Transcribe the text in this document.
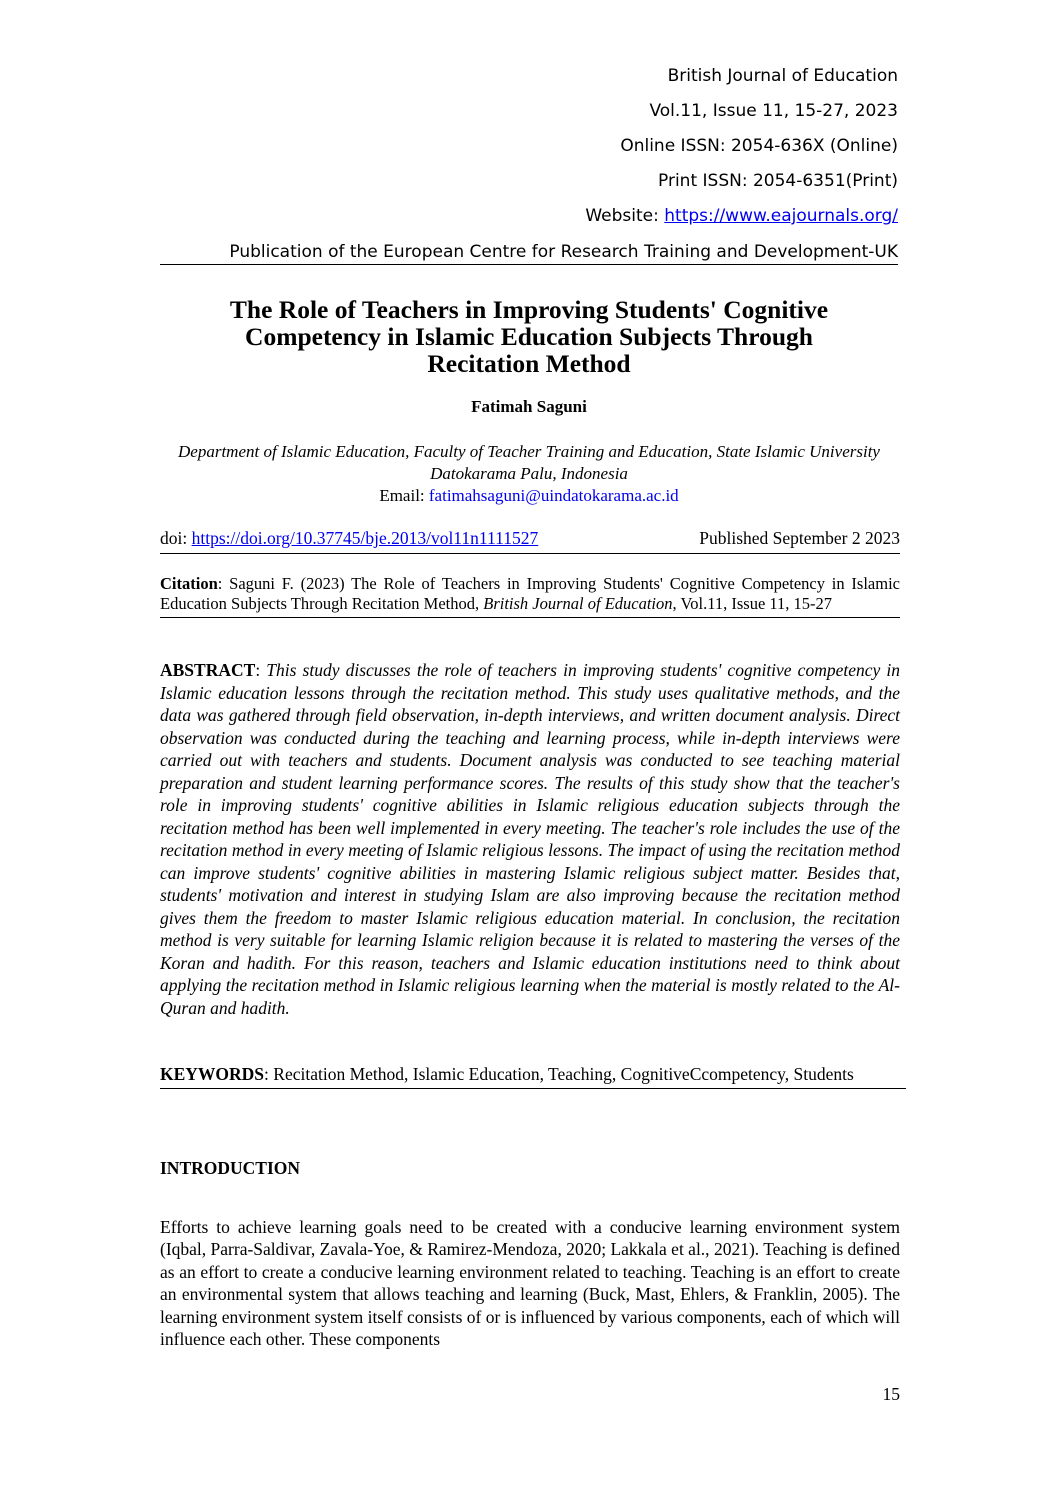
British Journal of Education
Vol.11, Issue 11, 15-27, 2023
Online ISSN: 2054-636X (Online)
Print ISSN: 2054-6351(Print)
Website: https://www.eajournals.org/
Publication of the European Centre for Research Training and Development-UK
The Role of Teachers in Improving Students' Cognitive
Competency in Islamic Education Subjects Through
Recitation Method
Fatimah Saguni
Department of Islamic Education, Faculty of Teacher Training and Education, State Islamic University Datokarama Palu, Indonesia
Email: fatimahsaguni@uindatokarama.ac.id
doi: https://doi.org/10.37745/bje.2013/vol11n1111527	Published September 2 2023
Citation: Saguni F. (2023) The Role of Teachers in Improving Students' Cognitive Competency in Islamic Education Subjects Through Recitation Method, British Journal of Education, Vol.11, Issue 11, 15-27
ABSTRACT: This study discusses the role of teachers in improving students' cognitive competency in Islamic education lessons through the recitation method. This study uses qualitative methods, and the data was gathered through field observation, in-depth interviews, and written document analysis. Direct observation was conducted during the teaching and learning process, while in-depth interviews were carried out with teachers and students. Document analysis was conducted to see teaching material preparation and student learning performance scores. The results of this study show that the teacher's role in improving students' cognitive abilities in Islamic religious education subjects through the recitation method has been well implemented in every meeting. The teacher's role includes the use of the recitation method in every meeting of Islamic religious lessons. The impact of using the recitation method can improve students' cognitive abilities in mastering Islamic religious subject matter. Besides that, students' motivation and interest in studying Islam are also improving because the recitation method gives them the freedom to master Islamic religious education material. In conclusion, the recitation method is very suitable for learning Islamic religion because it is related to mastering the verses of the Koran and hadith. For this reason, teachers and Islamic education institutions need to think about applying the recitation method in Islamic religious learning when the material is mostly related to the Al-Quran and hadith.
KEYWORDS: Recitation Method, Islamic Education, Teaching, CognitiveCcompetency, Students
INTRODUCTION
Efforts to achieve learning goals need to be created with a conducive learning environment system (Iqbal, Parra-Saldivar, Zavala-Yoe, & Ramirez-Mendoza, 2020; Lakkala et al., 2021). Teaching is defined as an effort to create a conducive learning environment related to teaching. Teaching is an effort to create an environmental system that allows teaching and learning (Buck, Mast, Ehlers, & Franklin, 2005). The learning environment system itself consists of or is influenced by various components, each of which will influence each other. These components
15
